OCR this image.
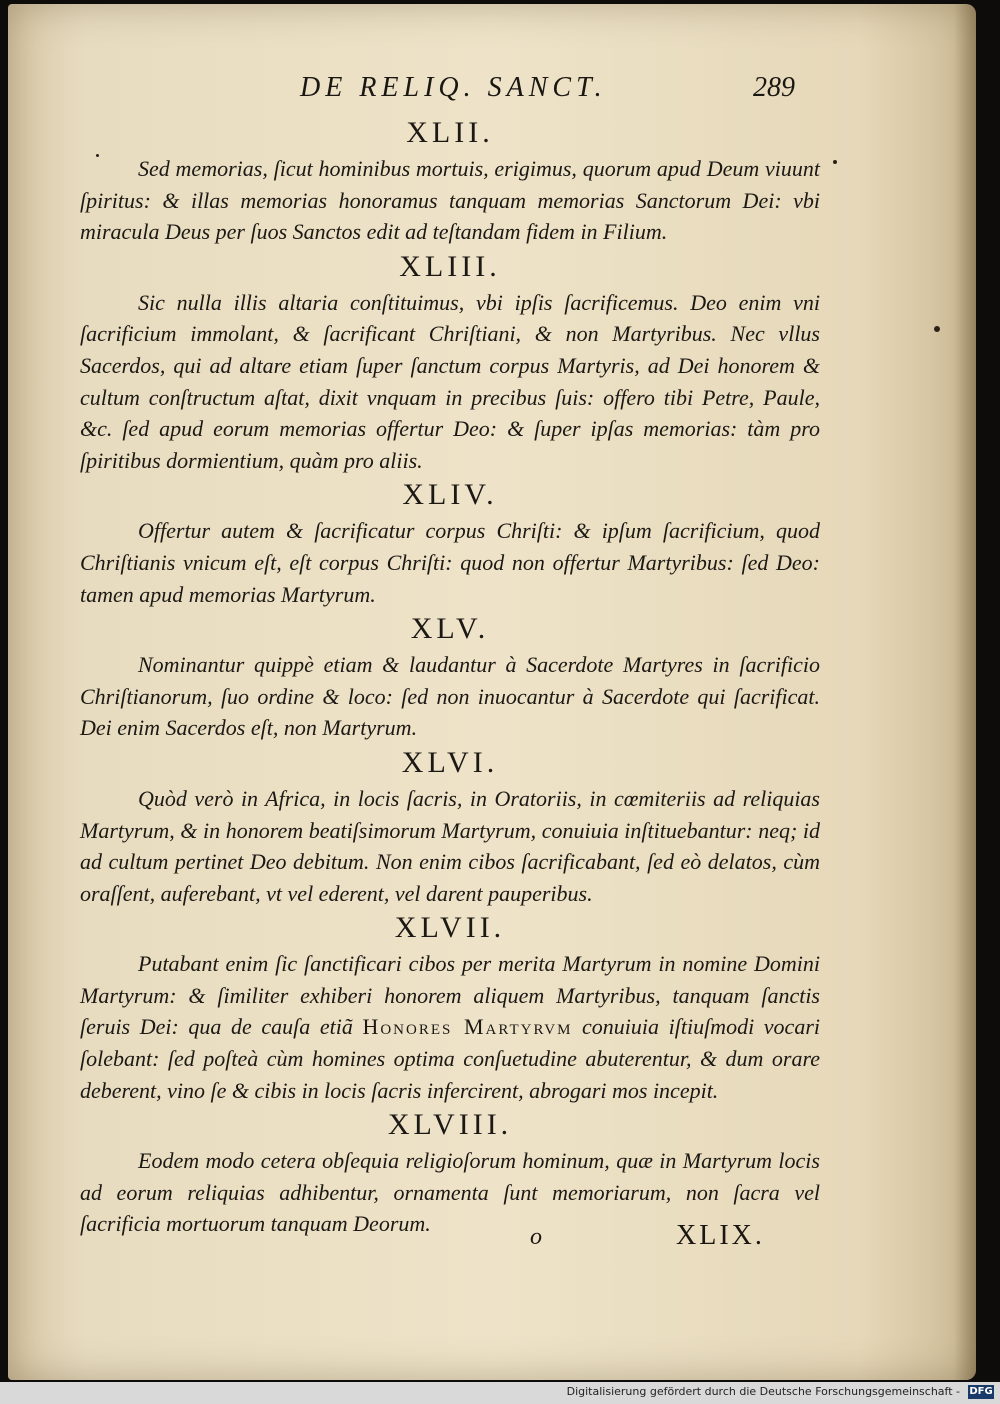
DE RELIQ. SANCT.	289
XLII.

Sed memorias, ſicut hominibus mortuis, erigimus, quorum apud Deum viuunt ſpiritus: & illas memorias honoramus tanquam memorias Sanctorum Dei: vbi miracula Deus per ſuos Sanctos edit ad teſtandam fidem in Filium.

XLIII.

Sic nulla illis altaria conſtituimus, vbi ipſis ſacrificemus. Deo enim vni ſacrificium immolant, & ſacrificant Chriſtiani, & non Martyribus. Nec vllus Sacerdos, qui ad altare etiam ſuper ſanctum corpus Martyris, ad Dei honorem & cultum conſtructum aſtat, dixit vnquam in precibus ſuis: offero tibi Petre, Paule, &c. ſed apud eorum memorias offertur Deo: & ſuper ipſas memorias: tàm pro ſpiritibus dormientium, quàm pro aliis.

XLIV.

Offertur autem & ſacrificatur corpus Chriſti: & ipſum ſacrificium, quod Chriſtianis vnicum eſt, eſt corpus Chriſti: quod non offertur Martyribus: ſed Deo: tamen apud memorias Martyrum.

XLV.

Nominantur quippè etiam & laudantur à Sacerdote Martyres in ſacrificio Chriſtianorum, ſuo ordine & loco: ſed non inuocantur à Sacerdote qui ſacrificat. Dei enim Sacerdos eſt, non Martyrum.

XLVI.

Quòd verò in Africa, in locis ſacris, in Oratoriis, in cœmiteriis ad reliquias Martyrum, & in honorem beatiſsimorum Martyrum, conuiuia inſtituebantur: neq; id ad cultum pertinet Deo debitum. Non enim cibos ſacrificabant, ſed eò delatos, cùm oraſſent, auferebant, vt vel ederent, vel darent pauperibus.

XLVII.

Putabant enim ſic ſanctificari cibos per merita Martyrum in nomine Domini Martyrum: & ſimiliter exhiberi honorem aliquem Martyribus, tanquam ſanctis ſeruis Dei: qua de cauſa etiã Honores Martyrvm conuiuia iſtiuſmodi vocari ſolebant: ſed poſteà cùm homines optima conſuetudine abuterentur, & dum orare deberent, vino ſe & cibis in locis ſacris infercirent, abrogari mos incepit.

XLVIII.

Eodem modo cetera obſequia religioſorum hominum, quæ in Martyrum locis ad eorum reliquias adhibentur, ornamenta ſunt memoriarum, non ſacra vel ſacrificia mortuorum tanquam Deorum.

o	XLIX.
Digitalisierung gefördert durch die Deutsche Forschungsgemeinschaft - DFG
